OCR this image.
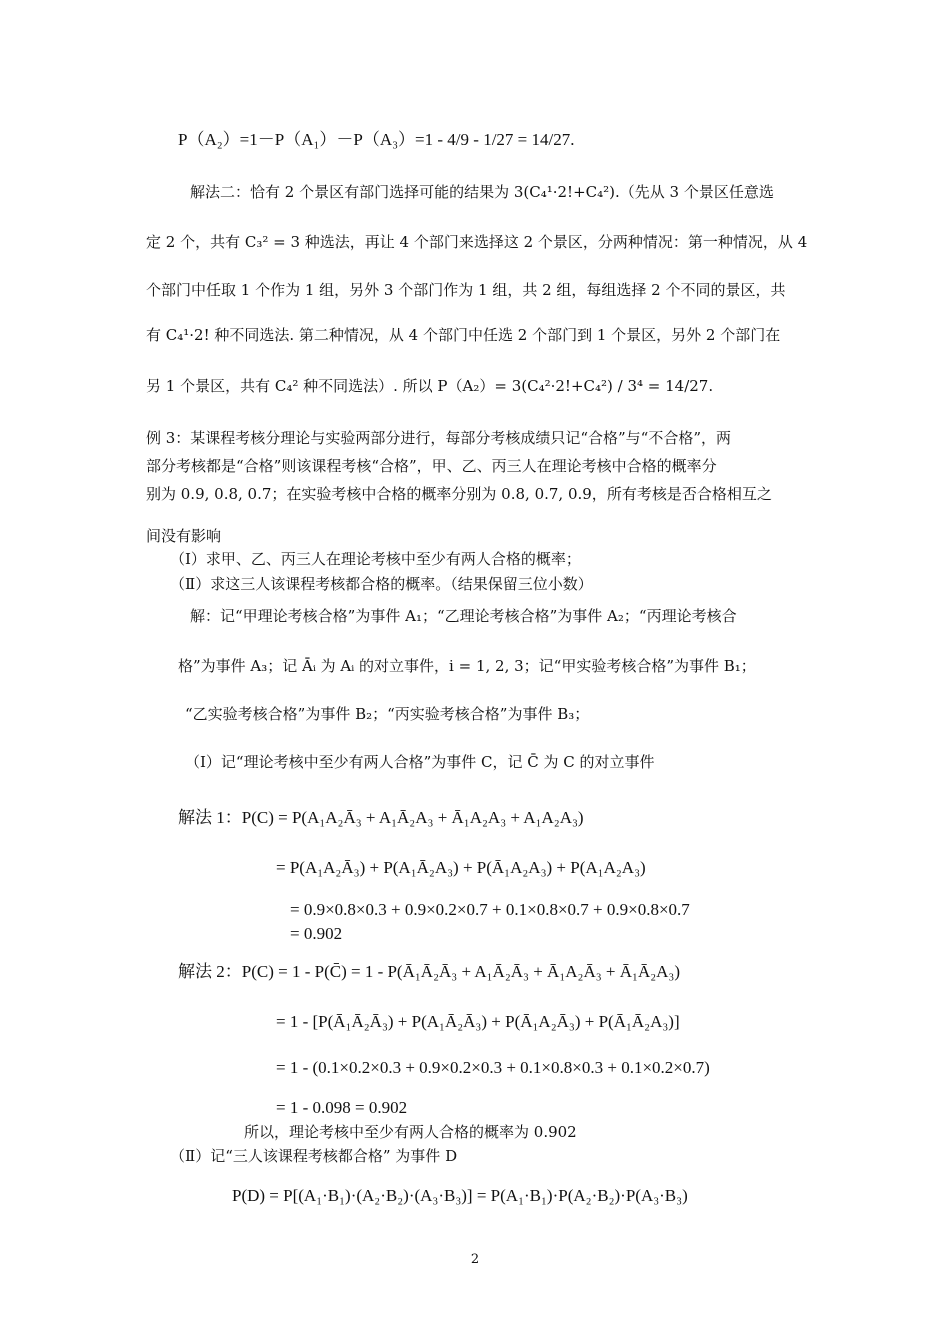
P（A₂）=1－P（A₁）－P（A₃）=1 - 4/9 - 1/27 = 14/27.
解法二：恰有 2 个景区有部门选择可能的结果为 3(C₄¹·2!+C₄²).（先从 3 个景区任意选
定 2 个，共有 C₃² = 3 种选法，再让 4 个部门来选择这 2 个景区，分两种情况：第一种情况，从 4
个部门中任取 1 个作为 1 组，另外 3 个部门作为 1 组，共 2 组，每组选择 2 个不同的景区，共
有 C₄¹·2! 种不同选法. 第二种情况，从 4 个部门中任选 2 个部门到 1 个景区，另外 2 个部门在
另 1 个景区，共有 C₄² 种不同选法）. 所以 P（A₂）= 3(C₄²·2!+C₄²) / 3⁴ = 14/27.
例 3：某课程考核分理论与实验两部分进行，每部分考核成绩只记“合格”与“不合格”，两
部分考核都是“合格”则该课程考核“合格”，甲、乙、丙三人在理论考核中合格的概率分
别为 0.9, 0.8, 0.7；在实验考核中合格的概率分别为 0.8, 0.7, 0.9，所有考核是否合格相互之
间没有影响
（Ⅰ）求甲、乙、丙三人在理论考核中至少有两人合格的概率；
（Ⅱ）求这三人该课程考核都合格的概率。（结果保留三位小数）
解：记“甲理论考核合格”为事件 A₁；“乙理论考核合格”为事件 A₂；“丙理论考核合
格”为事件 A₃；记 Āᵢ 为 Aᵢ 的对立事件，i = 1, 2, 3；记“甲实验考核合格”为事件 B₁；
“乙实验考核合格”为事件 B₂；“丙实验考核合格”为事件 B₃；
（Ⅰ）记“理论考核中至少有两人合格”为事件 C，记 C̄ 为 C 的对立事件
解法 1：P(C) = P(A₁A₂Ā₃ + A₁Ā₂A₃ + Ā₁A₂A₃ + A₁A₂A₃)
= P(A₁A₂Ā₃) + P(A₁Ā₂A₃) + P(Ā₁A₂A₃) + P(A₁A₂A₃)
= 0.9×0.8×0.3 + 0.9×0.2×0.7 + 0.1×0.8×0.7 + 0.9×0.8×0.7
= 0.902
解法 2：P(C) = 1 - P(C̄) = 1 - P(Ā₁Ā₂Ā₃ + A₁Ā₂Ā₃ + Ā₁A₂Ā₃ + Ā₁Ā₂A₃)
= 1 - [P(Ā₁Ā₂Ā₃) + P(A₁Ā₂Ā₃) + P(Ā₁A₂Ā₃) + P(Ā₁Ā₂A₃)]
= 1 - (0.1×0.2×0.3 + 0.9×0.2×0.3 + 0.1×0.8×0.3 + 0.1×0.2×0.7)
= 1 - 0.098 = 0.902
所以，理论考核中至少有两人合格的概率为 0.902
（Ⅱ）记“三人该课程考核都合格” 为事件 D
P(D) = P[(A₁·B₁)·(A₂·B₂)·(A₃·B₃)] = P(A₁·B₁)·P(A₂·B₂)·P(A₃·B₃)
2
